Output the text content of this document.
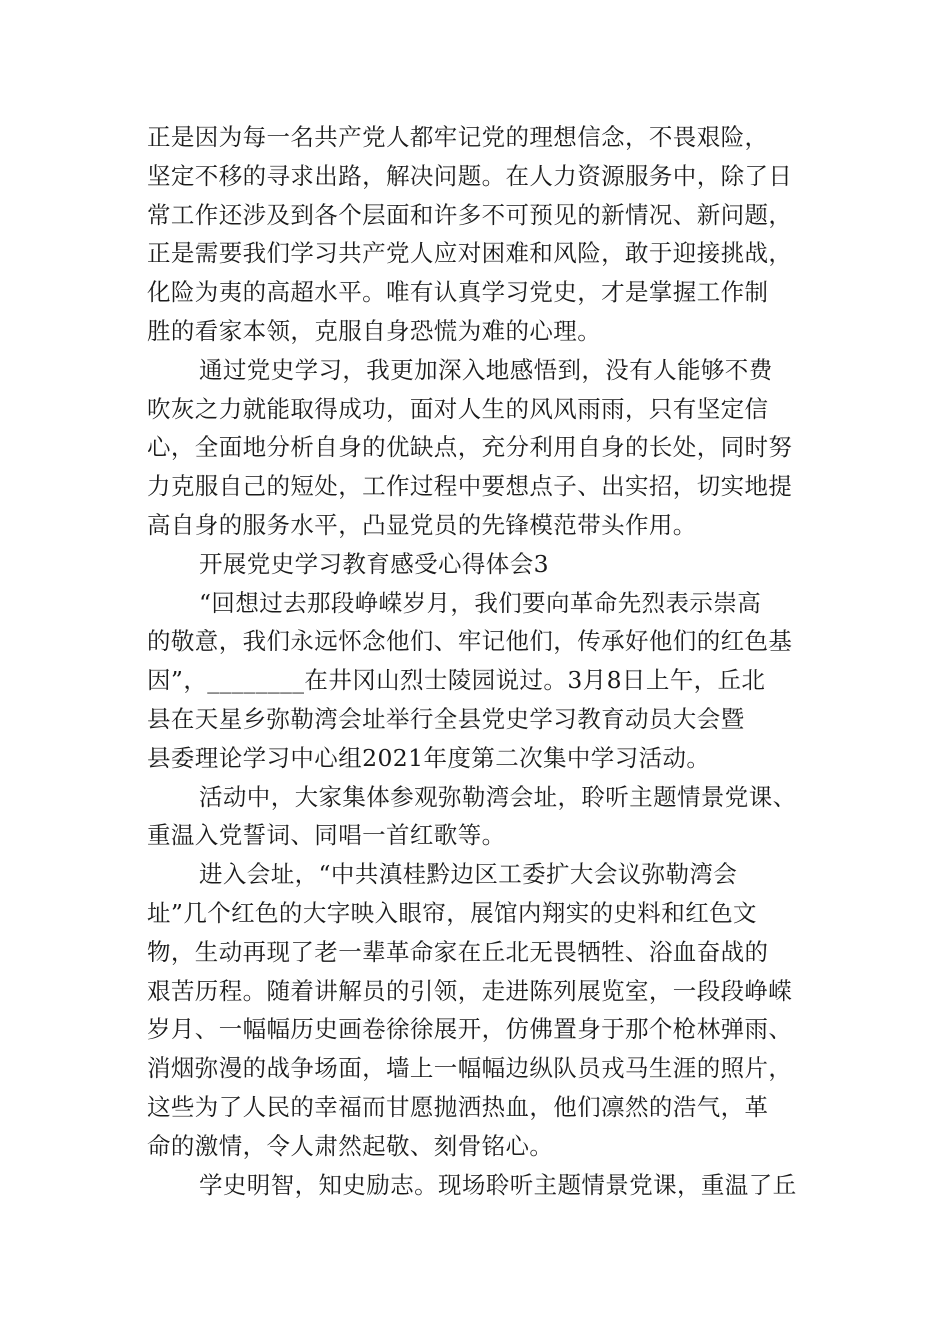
正是因为每一名共产党人都牢记党的理想信念，不畏艰险，
坚定不移的寻求出路，解决问题。在人力资源服务中，除了日
常工作还涉及到各个层面和许多不可预见的新情况、新问题，
正是需要我们学习共产党人应对困难和风险，敢于迎接挑战，
化险为夷的高超水平。唯有认真学习党史，才是掌握工作制
胜的看家本领，克服自身恐慌为难的心理。
通过党史学习，我更加深入地感悟到，没有人能够不费
吹灰之力就能取得成功，面对人生的风风雨雨，只有坚定信
心，全面地分析自身的优缺点，充分利用自身的长处，同时努
力克服自己的短处，工作过程中要想点子、出实招，切实地提
高自身的服务水平，凸显党员的先锋模范带头作用。
开展党史学习教育感受心得体会3
“回想过去那段峥嵘岁月，我们要向革命先烈表示崇高
的敬意，我们永远怀念他们、牢记他们，传承好他们的红色基
因”，________在井冈山烈士陵园说过。3月8日上午，丘北
县在天星乡弥勒湾会址举行全县党史学习教育动员大会暨
县委理论学习中心组2021年度第二次集中学习活动。
活动中，大家集体参观弥勒湾会址，聆听主题情景党课、
重温入党誓词、同唱一首红歌等。
进入会址，“中共滇桂黔边区工委扩大会议弥勒湾会
址”几个红色的大字映入眼帘，展馆内翔实的史料和红色文
物，生动再现了老一辈革命家在丘北无畏牺牲、浴血奋战的
艰苦历程。随着讲解员的引领，走进陈列展览室，一段段峥嵘
岁月、一幅幅历史画卷徐徐展开，仿佛置身于那个枪林弹雨、
消烟弥漫的战争场面，墙上一幅幅边纵队员戎马生涯的照片，
这些为了人民的幸福而甘愿抛洒热血，他们凛然的浩气，革
命的激情，令人肃然起敬、刻骨铭心。
学史明智，知史励志。现场聆听主题情景党课，重温了丘
